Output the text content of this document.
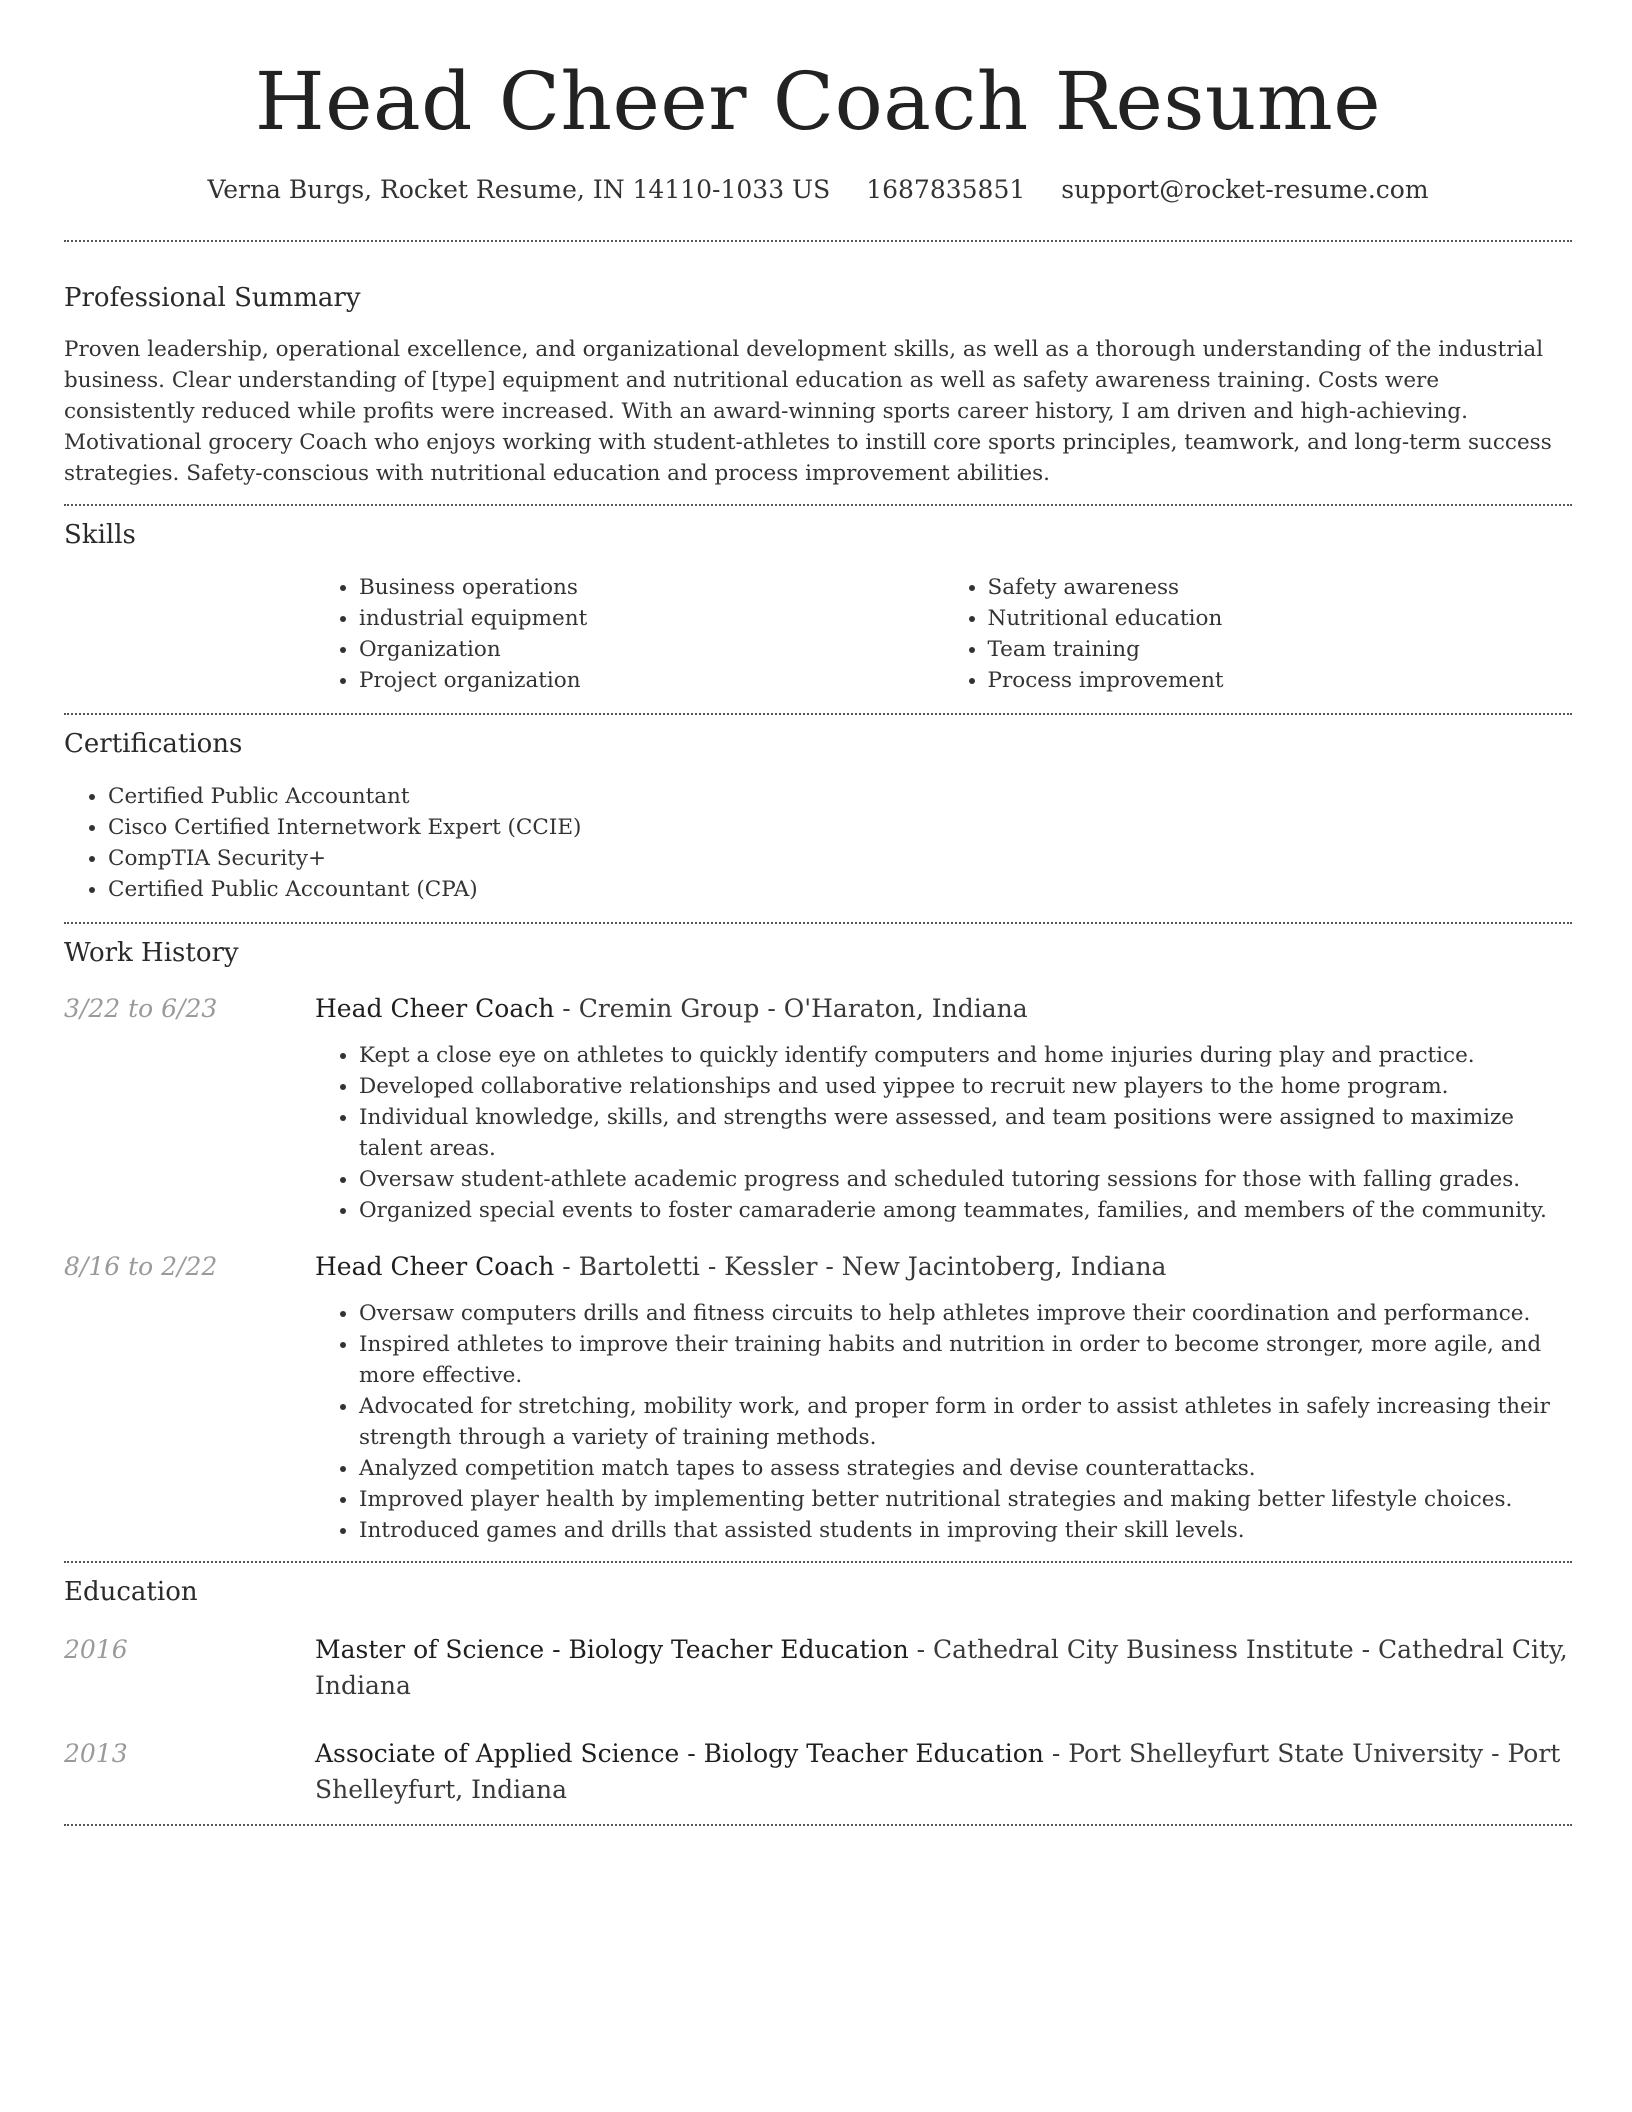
Head Cheer Coach Resume
Verna Burgs, Rocket Resume, IN 14110-1033 US 1687835851 support@rocket-resume.com
Professional Summary

Proven leadership, operational excellence, and organizational development skills, as well as a thorough understanding of the industrial business. Clear understanding of [type] equipment and nutritional education as well as safety awareness training. Costs were consistently reduced while profits were increased. With an award-winning sports career history, I am driven and high-achieving. Motivational grocery Coach who enjoys working with student-athletes to instill core sports principles, teamwork, and long-term success strategies. Safety-conscious with nutritional education and process improvement abilities.

Skills
• Business operations
• industrial equipment
• Organization
• Project organization
• Safety awareness
• Nutritional education
• Team training
• Process improvement
Certifications
• Certified Public Accountant
• Cisco Certified Internetwork Expert (CCIE)
• CompTIA Security+
• Certified Public Accountant (CPA)
Work History
3/22 to 6/23	Head Cheer Coach - Cremin Group - O'Haraton, Indiana
• Kept a close eye on athletes to quickly identify computers and home injuries during play and practice.
• Developed collaborative relationships and used yippee to recruit new players to the home program.
• Individual knowledge, skills, and strengths were assessed, and team positions were assigned to maximize talent areas.
• Oversaw student-athlete academic progress and scheduled tutoring sessions for those with falling grades.
• Organized special events to foster camaraderie among teammates, families, and members of the community.
8/16 to 2/22	Head Cheer Coach - Bartoletti - Kessler - New Jacintoberg, Indiana
• Oversaw computers drills and fitness circuits to help athletes improve their coordination and performance.
• Inspired athletes to improve their training habits and nutrition in order to become stronger, more agile, and more effective.
• Advocated for stretching, mobility work, and proper form in order to assist athletes in safely increasing their strength through a variety of training methods.
• Analyzed competition match tapes to assess strategies and devise counterattacks.
• Improved player health by implementing better nutritional strategies and making better lifestyle choices.
• Introduced games and drills that assisted students in improving their skill levels.
Education
2016	Master of Science - Biology Teacher Education - Cathedral City Business Institute - Cathedral City, Indiana
2013	Associate of Applied Science - Biology Teacher Education - Port Shelleyfurt State University - Port Shelleyfurt, Indiana
